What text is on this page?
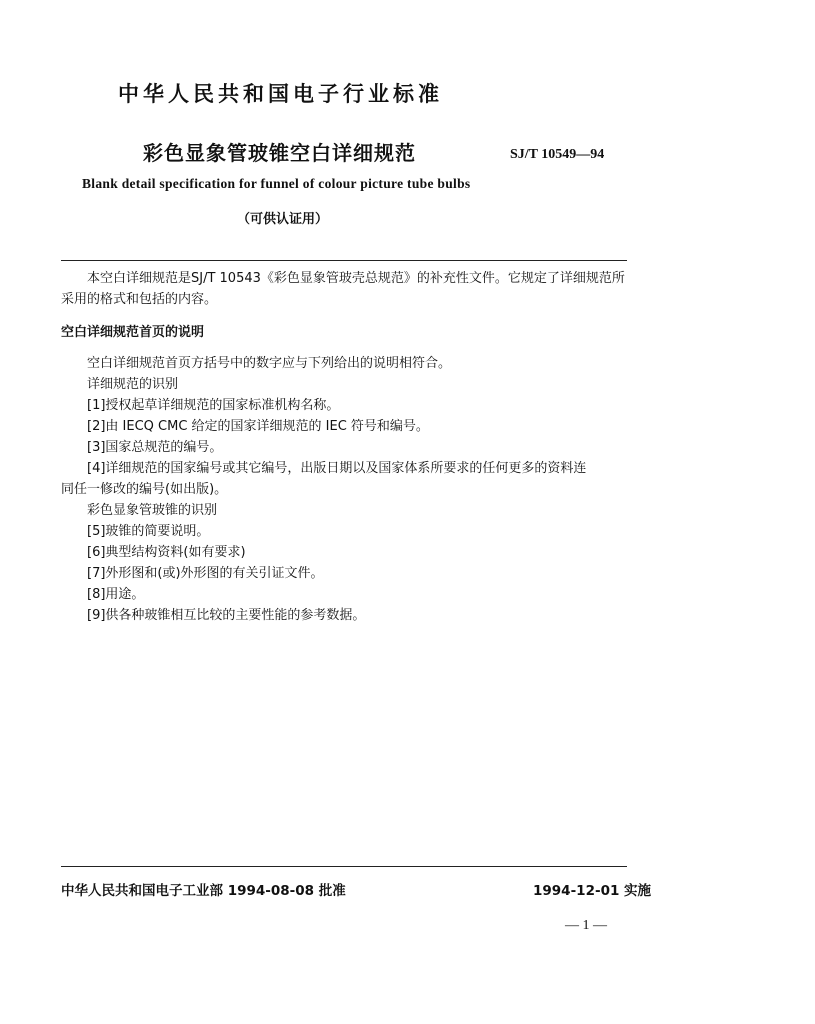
中华人民共和国电子行业标准
彩色显象管玻锥空白详细规范	SJ/T 10549—94
Blank detail specification for funnel of colour picture tube bulbs
（可供认证用）
本空白详细规范是SJ/T 10543《彩色显象管玻壳总规范》的补充性文件。它规定了详细规范所采用的格式和包括的内容。
空白详细规范首页的说明
空白详细规范首页方括号中的数字应与下列给出的说明相符合。
详细规范的识别
[1]授权起草详细规范的国家标准机构名称。
[2]由 IECQ CMC 给定的国家详细规范的 IEC 符号和编号。
[3]国家总规范的编号。
[4]详细规范的国家编号或其它编号，出版日期以及国家体系所要求的任何更多的资料连
同任一修改的编号(如出版)。
彩色显象管玻锥的识别
[5]玻锥的简要说明。
[6]典型结构资料(如有要求)
[7]外形图和(或)外形图的有关引证文件。
[8]用途。
[9]供各种玻锥相互比较的主要性能的参考数据。
中华人民共和国电子工业部 1994-08-08 批准	1994-12-01 实施
— 1 —
